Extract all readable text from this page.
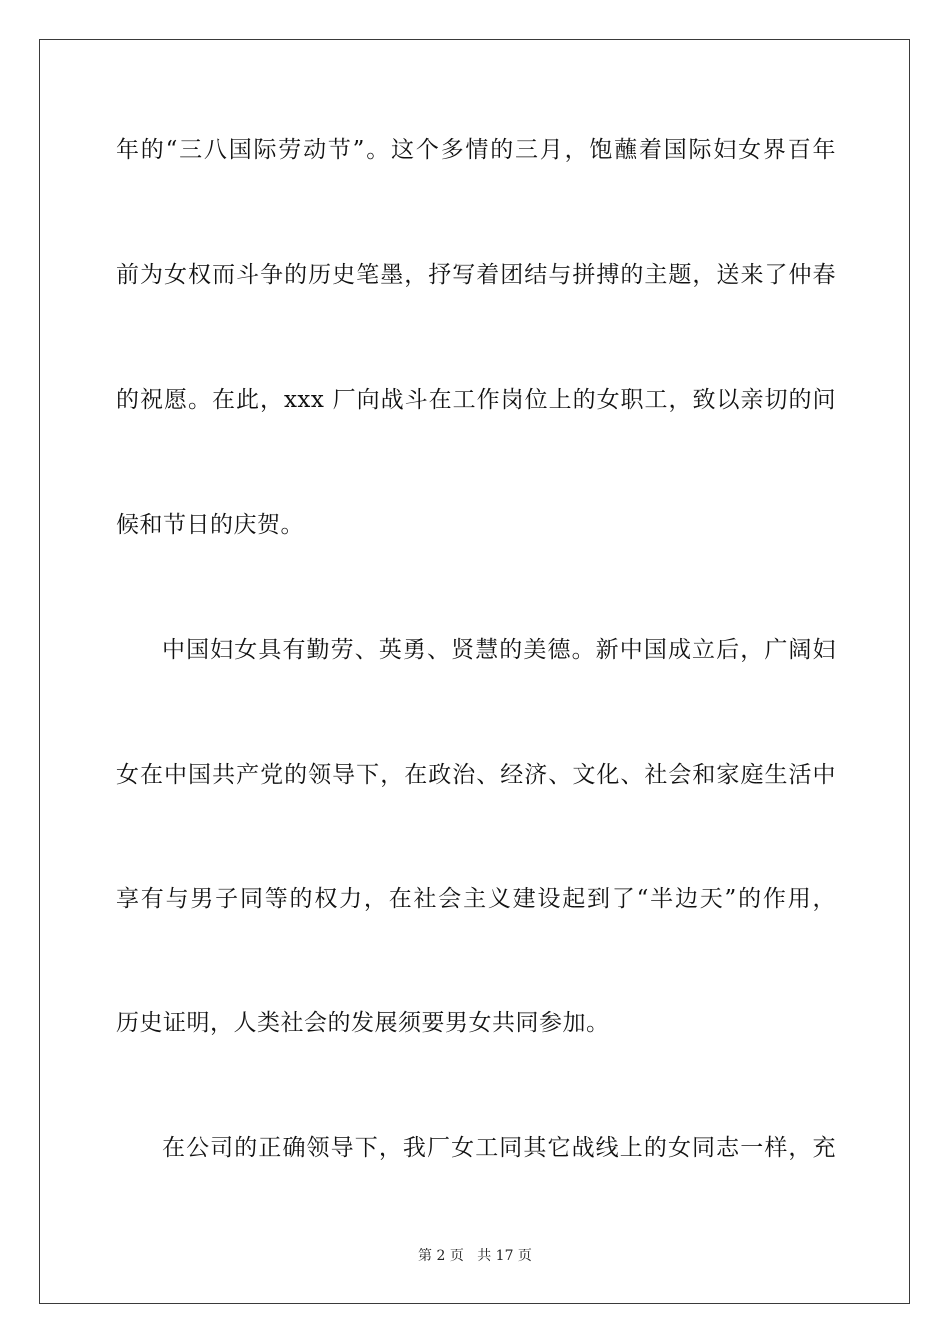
年的“三八国际劳动节”。这个多情的三月，饱蘸着国际妇女界百年
前为女权而斗争的历史笔墨，抒写着团结与拼搏的主题，送来了仲春
的祝愿。在此，xxx 厂向战斗在工作岗位上的女职工，致以亲切的问
候和节日的庆贺。
中国妇女具有勤劳、英勇、贤慧的美德。新中国成立后，广阔妇
女在中国共产党的领导下，在政治、经济、文化、社会和家庭生活中
享有与男子同等的权力，在社会主义建设起到了“半边天”的作用，
历史证明，人类社会的发展须要男女共同参加。
在公司的正确领导下，我厂女工同其它战线上的女同志一样，充
第 2 页 共 17 页
